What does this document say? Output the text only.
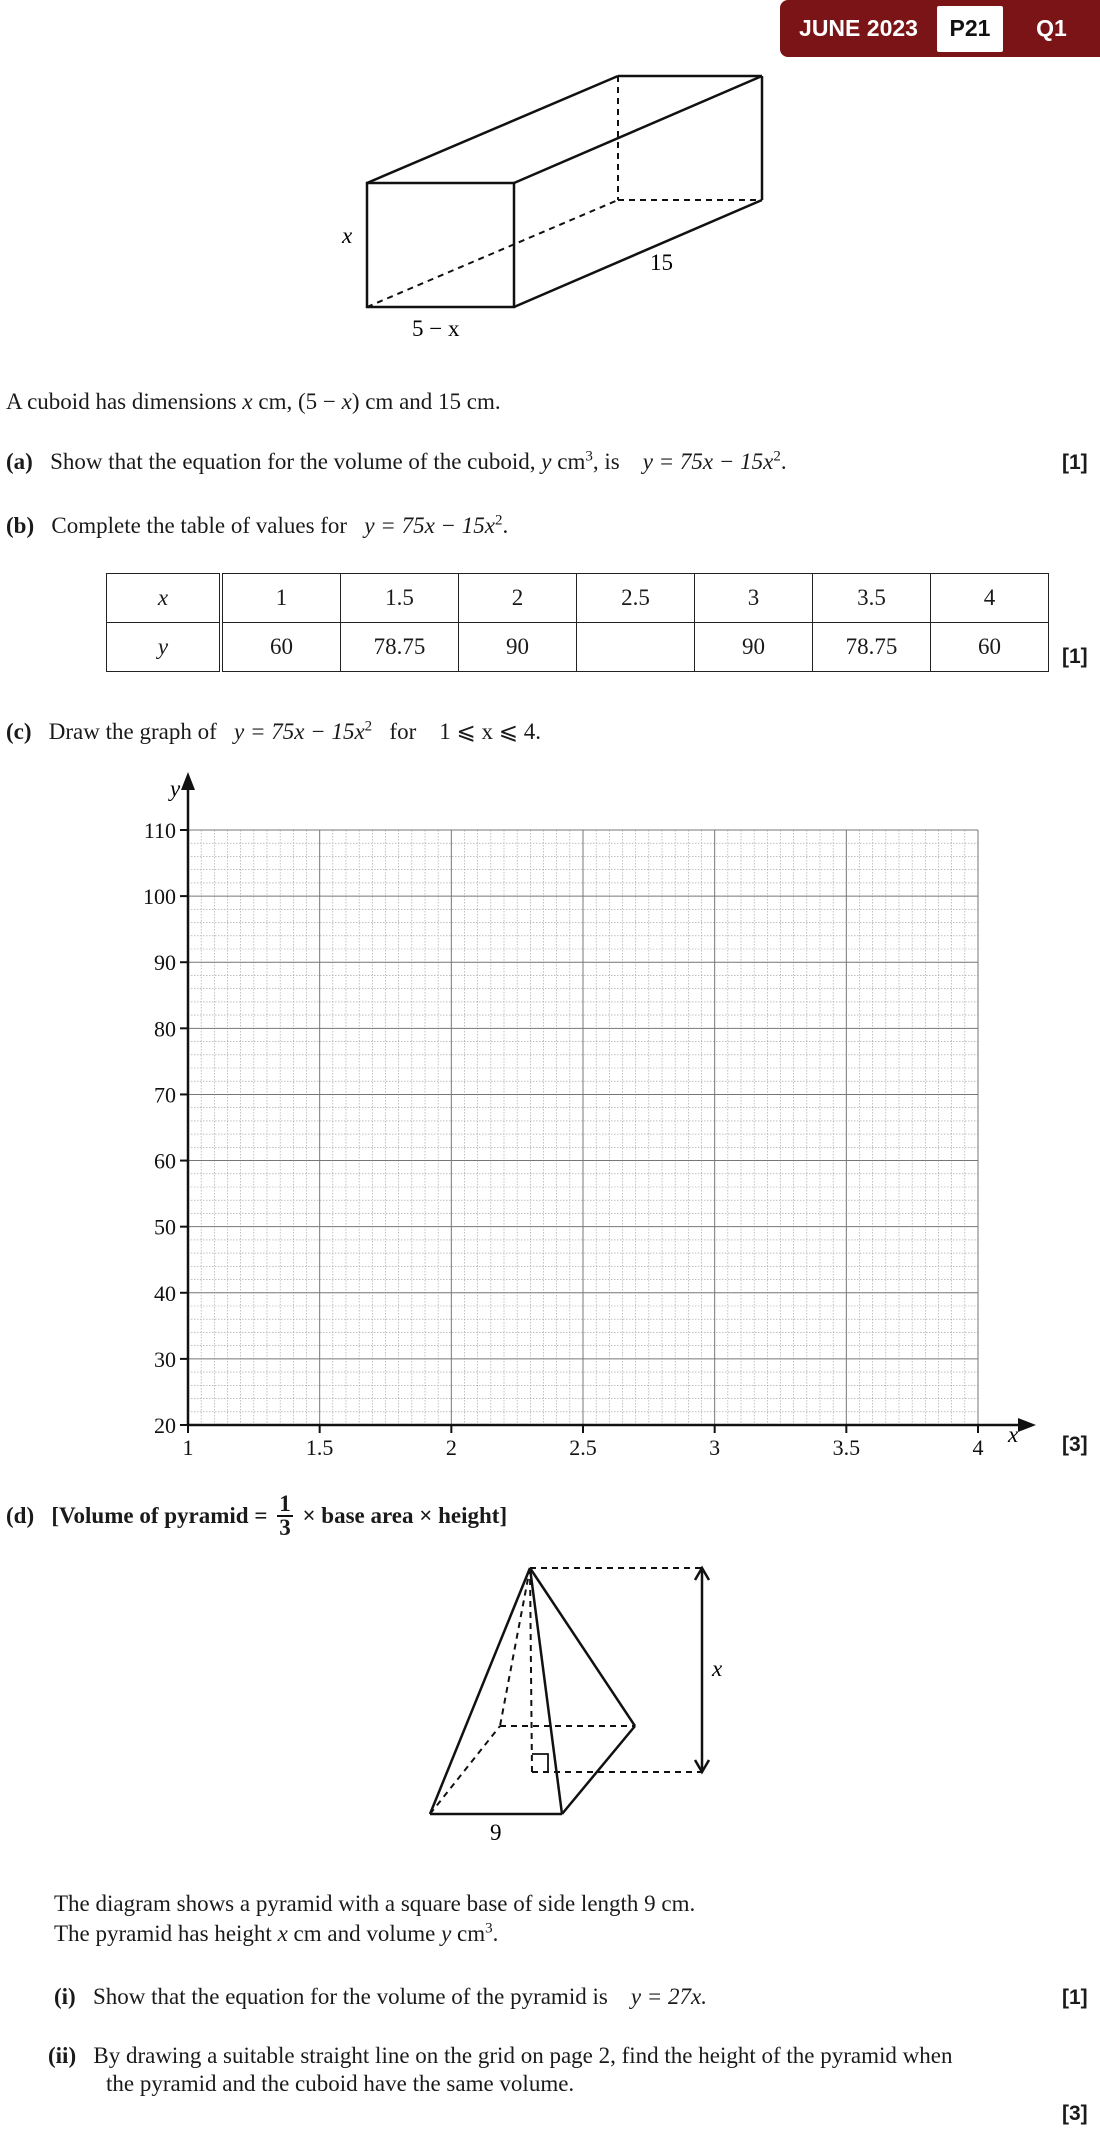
JUNE 2023	P21	Q1
x
15
5 − x
A cuboid has dimensions x cm, (5 − x) cm and 15 cm.
(a) Show that the equation for the volume of the cuboid, y $cm^3$, is $y = 75x - 15x^2$.	[1]
(b) Complete the table of values for $y = 75x - 15x^2$.
x	1	1.5	2	2.5	3	3.5	4
y	60	78.75	90		90	78.75	60	[1]
(c) Draw the graph of $y = 75x - 15x^2$ for 1 ⩽ x ⩽ 4.
1	1.5	2	2.5	3	3.5	4
20
30
40
50
60
70
80
90
100
110
y
x [3]
(d)
[Volume of pyramid =
$\frac{1}{3}$
× base area × height]
x
9
The diagram shows a pyramid with a square base of side length 9 cm.
The pyramid has height x cm and volume y $cm^3$.
(i) Show that the equation for the volume of the pyramid is y = 27x.	[1]
(ii) By drawing a suitable straight line on the grid on page 2, find the height of the pyramid when
the pyramid and the cuboid have the same volume.
[3]
